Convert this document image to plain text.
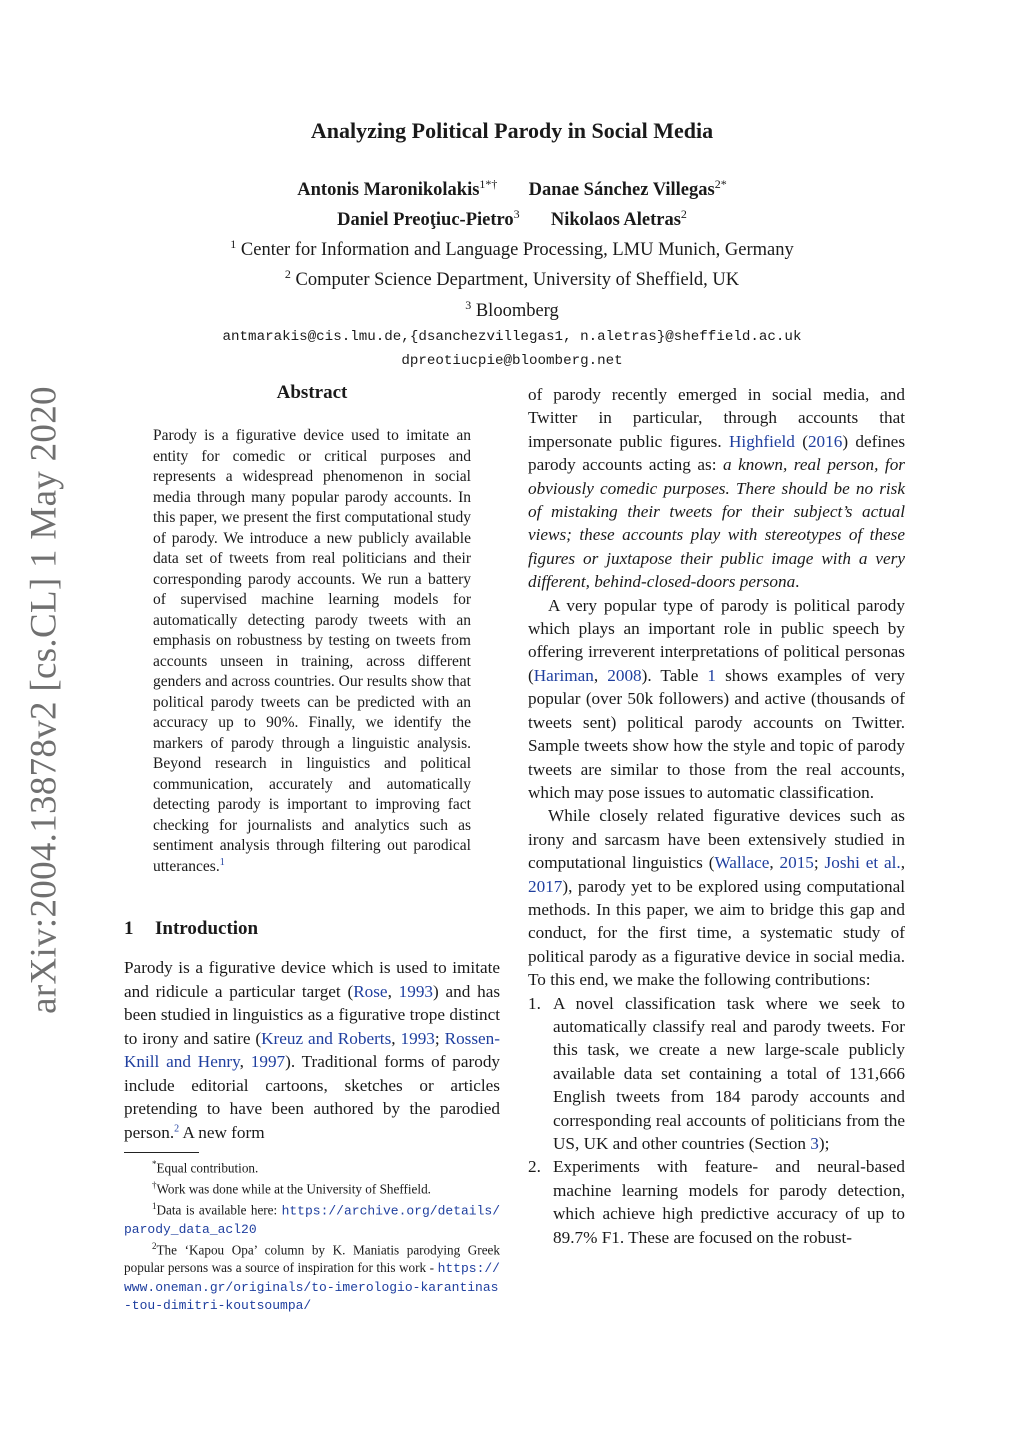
arXiv:2004.13878v2 [cs.CL] 1 May 2020
Analyzing Political Parody in Social Media
Antonis Maronikolakis$^{1*\dagger}$ Danae Sánchez Villegas$^{2*}$
Daniel Preoţiuc-Pietro$^3$ Nikolaos Aletras$^2$
$^1$ Center for Information and Language Processing, LMU Munich, Germany
$^2$ Computer Science Department, University of Sheffield, UK
$^3$ Bloomberg
antmarakis@cis.lmu.de,{dsanchezvillegas1, n.aletras}@sheffield.ac.uk
dpreotiucpie@bloomberg.net
Abstract
Parody is a figurative device used to imitate an entity for comedic or critical purposes and represents a widespread phenomenon in social media through many popular parody accounts. In this paper, we present the first computational study of parody. We introduce a new publicly available data set of tweets from real politicians and their corresponding parody accounts. We run a battery of supervised machine learning models for automatically detecting parody tweets with an emphasis on robustness by testing on tweets from accounts unseen in training, across different genders and across countries. Our results show that political parody tweets can be predicted with an accuracy up to 90%. Finally, we identify the markers of parody through a linguistic analysis. Beyond research in linguistics and political communication, accurately and automatically detecting parody is important to improving fact checking for journalists and analytics such as sentiment analysis through filtering out parodical utterances.$^1$
1 Introduction
Parody is a figurative device which is used to imitate and ridicule a particular target (Rose, 1993) and has been studied in linguistics as a figurative trope distinct to irony and satire (Kreuz and Roberts, 1993; Rossen-Knill and Henry, 1997). Traditional forms of parody include editorial cartoons, sketches or articles pretending to have been authored by the parodied person.$^2$ A new form

*Equal contribution.

†Work was done while at the University of Sheffield.

$^1$Data is available here: https://archive.org/details/parody_data_acl20

$^2$The ‘Kapou Opa’ column by K. Maniatis parodying Greek popular persons was a source of inspiration for this work - https://www.oneman.gr/originals/to-imerologio-karantinas-tou-dimitri-koutsoumpa/

of parody recently emerged in social media, and Twitter in particular, through accounts that impersonate public figures. Highfield (2016) defines parody accounts acting as: a known, real person, for obviously comedic purposes. There should be no risk of mistaking their tweets for their subject’s actual views; these accounts play with stereotypes of these figures or juxtapose their public image with a very different, behind-closed-doors persona.

A very popular type of parody is political parody which plays an important role in public speech by offering irreverent interpretations of political personas (Hariman, 2008). Table 1 shows examples of very popular (over 50k followers) and active (thousands of tweets sent) political parody accounts on Twitter. Sample tweets show how the style and topic of parody tweets are similar to those from the real accounts, which may pose issues to automatic classification.

While closely related figurative devices such as irony and sarcasm have been extensively studied in computational linguistics (Wallace, 2015; Joshi et al., 2017), parody yet to be explored using computational methods. In this paper, we aim to bridge this gap and conduct, for the first time, a systematic study of political parody as a figurative device in social media. To this end, we make the following contributions:

1. A novel classification task where we seek to automatically classify real and parody tweets. For this task, we create a new large-scale publicly available data set containing a total of 131,666 English tweets from 184 parody accounts and corresponding real accounts of politicians from the US, UK and other countries (Section 3);
2. Experiments with feature- and neural-based machine learning models for parody detection, which achieve high predictive accuracy of up to 89.7% F1. These are focused on the robust-
